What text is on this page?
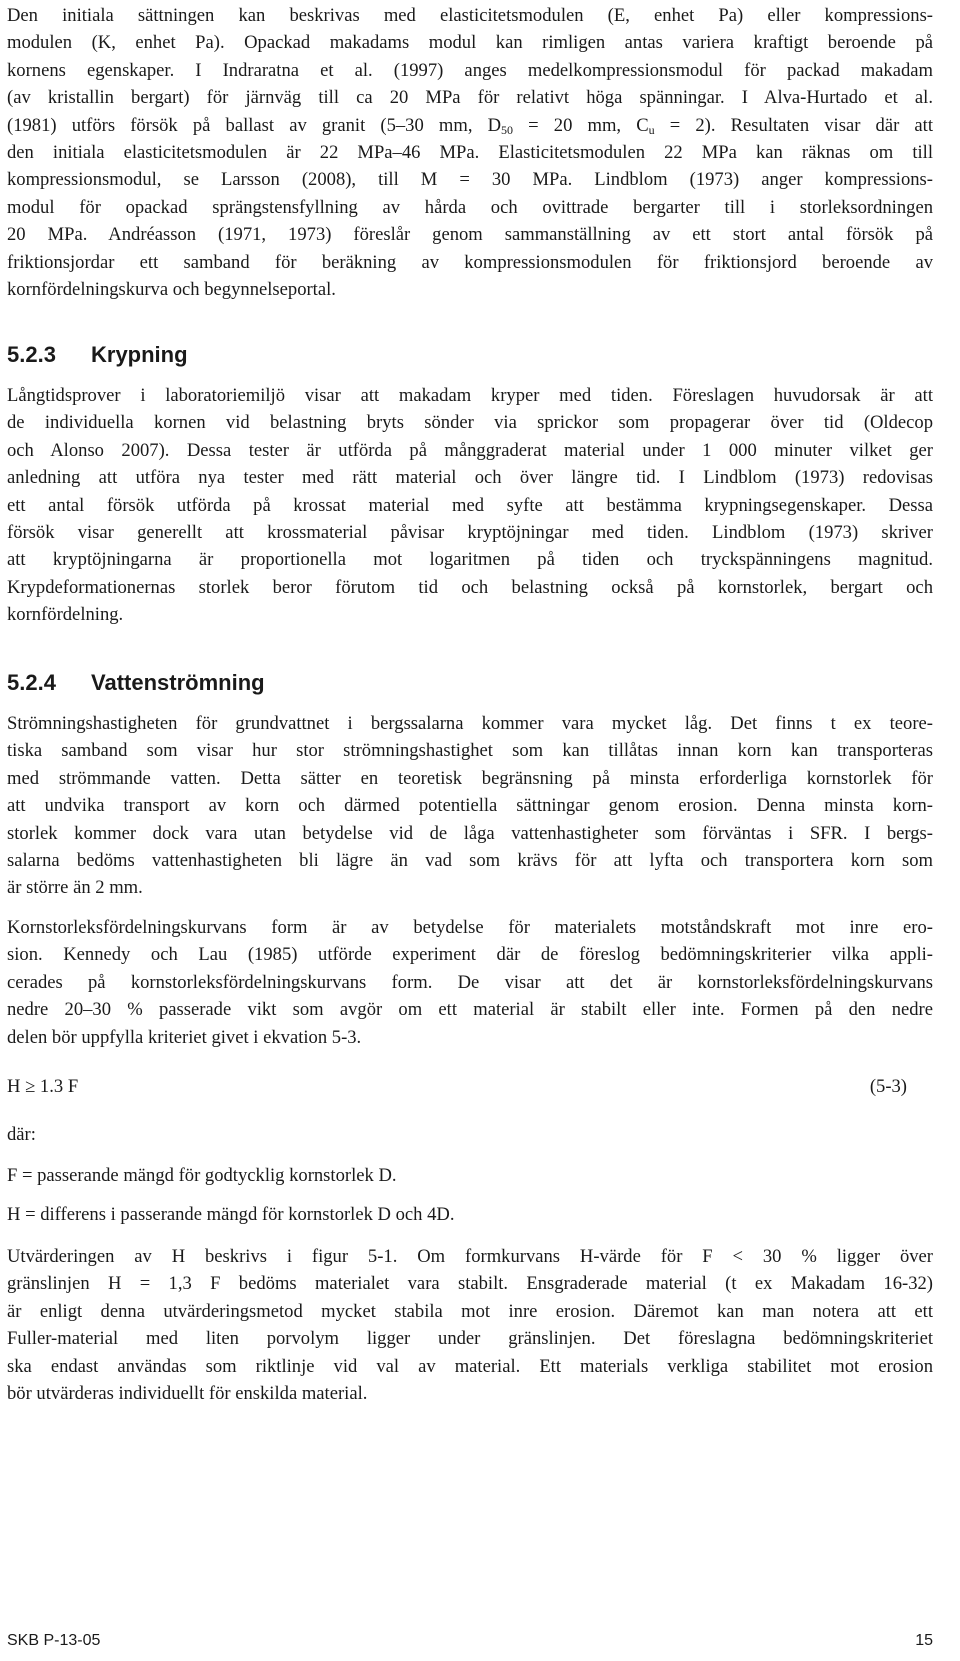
Den initiala sättningen kan beskrivas med elasticitetsmodulen (E, enhet Pa) eller kompressions-
modulen (K, enhet Pa). Opackad makadams modul kan rimligen antas variera kraftigt beroende på
kornens egenskaper. I Indraratna et al. (1997) anges medelkompressionsmodul för packad makadam
(av kristallin bergart) för järnväg till ca 20 MPa för relativt höga spänningar. I Alva-Hurtado et al.
(1981) utförs försök på ballast av granit (5–30 mm, $D_{50} = 20$ mm, $C_u = 2$). Resultaten visar där att
den initiala elasticitetsmodulen är 22 MPa–46 MPa. Elasticitetsmodulen 22 MPa kan räknas om till
kompressionsmodul, se Larsson (2008), till M = 30 MPa. Lindblom (1973) anger kompressions-
modul för opackad sprängstensfyllning av hårda och ovittrade bergarter till i storleksordningen
20 MPa. Andréasson (1971, 1973) föreslår genom sammanställning av ett stort antal försök på
friktionsjordar ett samband för beräkning av kompressionsmodulen för friktionsjord beroende av
kornfördelningskurva och begynnelseportal.
5.2.3 Krypning
Långtidsprover i laboratoriemiljö visar att makadam kryper med tiden. Föreslagen huvudorsak är att
de individuella kornen vid belastning bryts sönder via sprickor som propagerar över tid (Oldecop
och Alonso 2007). Dessa tester är utförda på månggraderat material under 1 000 minuter vilket ger
anledning att utföra nya tester med rätt material och över längre tid. I Lindblom (1973) redovisas
ett antal försök utförda på krossat material med syfte att bestämma krypningsegenskaper. Dessa
försök visar generellt att krossmaterial påvisar kryptöjningar med tiden. Lindblom (1973) skriver
att kryptöjningarna är proportionella mot logaritmen på tiden och tryckspänningens magnitud.
Krypdeformationernas storlek beror förutom tid och belastning också på kornstorlek, bergart och
kornfördelning.
5.2.4 Vattenströmning
Strömningshastigheten för grundvattnet i bergssalarna kommer vara mycket låg. Det finns t ex teore-
tiska samband som visar hur stor strömningshastighet som kan tillåtas innan korn kan transporteras
med strömmande vatten. Detta sätter en teoretisk begränsning på minsta erforderliga kornstorlek för
att undvika transport av korn och därmed potentiella sättningar genom erosion. Denna minsta korn-
storlek kommer dock vara utan betydelse vid de låga vattenhastigheter som förväntas i SFR. I bergs-
salarna bedöms vattenhastigheten bli lägre än vad som krävs för att lyfta och transportera korn som
är större än 2 mm.
Kornstorleksfördelningskurvans form är av betydelse för materialets motståndskraft mot inre ero-
sion. Kennedy och Lau (1985) utförde experiment där de föreslog bedömningskriterier vilka appli-
cerades på kornstorleksfördelningskurvans form. De visar att det är kornstorleksfördelningskurvans
nedre 20–30 % passerade vikt som avgör om ett material är stabilt eller inte. Formen på den nedre
delen bör uppfylla kriteriet givet i ekvation 5-3.
H ≥ 1.3 F	(5-3)
där:
F = passerande mängd för godtycklig kornstorlek D.
H = differens i passerande mängd för kornstorlek D och 4D.
Utvärderingen av H beskrivs i figur 5-1. Om formkurvans H-värde för F < 30 % ligger över
gränslinjen H = 1,3 F bedöms materialet vara stabilt. Ensgraderade material (t ex Makadam 16-32)
är enligt denna utvärderingsmetod mycket stabila mot inre erosion. Däremot kan man notera att ett
Fuller-material med liten porvolym ligger under gränslinjen. Det föreslagna bedömningskriteriet
ska endast användas som riktlinje vid val av material. Ett materials verkliga stabilitet mot erosion
bör utvärderas individuellt för enskilda material.
SKB P-13-05	15
